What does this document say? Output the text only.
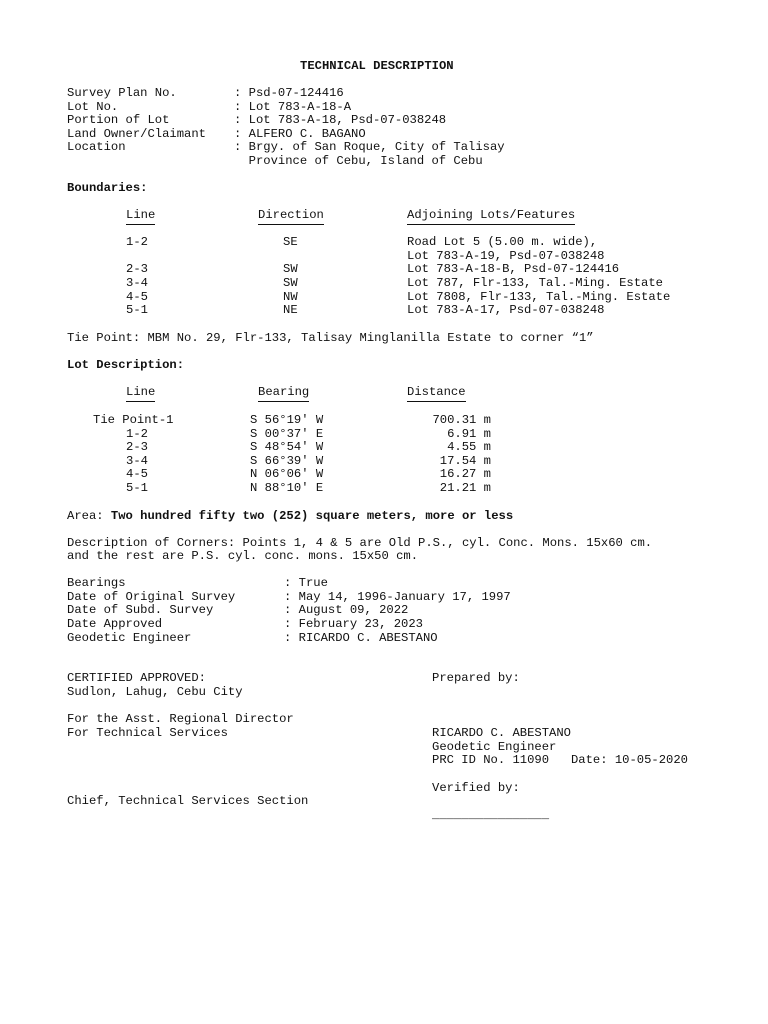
TECHNICAL DESCRIPTION
Survey Plan No.	: Psd-07-124416
Lot No.	: Lot 783-A-18-A
Portion of Lot	: Lot 783-A-18, Psd-07-038248
Land Owner/Claimant : ALFERO C. BAGANO
Location	: Brgy. of San Roque, City of Talisay
Province of Cebu, Island of Cebu
Boundaries:
Line	Direction	Adjoining Lots/Features
1-2	SE	Road Lot 5 (5.00 m. wide),
Lot 783-A-19, Psd-07-038248
2-3	SW	Lot 783-A-18-B, Psd-07-124416
3-4	SW	Lot 787, Flr-133, Tal.-Ming. Estate
4-5	NW	Lot 7808, Flr-133, Tal.-Ming. Estate
5-1	NE	Lot 783-A-17, Psd-07-038248
Tie Point: MBM No. 29, Flr-133, Talisay Minglanilla Estate to corner “1”
Lot Description:
Line	Bearing	Distance
Tie Point-1	S 56°19' W	700.31 m
1-2	S 00°37' E	6.91 m
2-3	S 48°54' W	4.55 m
3-4	S 66°39' W	17.54 m
4-5	N 06°06' W	16.27 m
5-1	N 88°10' E	21.21 m
Area: Two hundred fifty two (252) square meters, more or less
Description of Corners: Points 1, 4 & 5 are Old P.S., cyl. Conc. Mons. 15x60 cm.
and the rest are P.S. cyl. conc. mons. 15x50 cm.
Bearings	: True
Date of Original Survey	: May 14, 1996-January 17, 1997
Date of Subd. Survey	: August 09, 2022
Date Approved	: February 23, 2023
Geodetic Engineer	: RICARDO C. ABESTANO
CERTIFIED APPROVED:
Sudlon, Lahug, Cebu City
For the Asst. Regional Director
For Technical Services
Chief, Technical Services Section
Prepared by:
RICARDO C. ABESTANO
Geodetic Engineer
PRC ID No. 11090   Date: 10-05-2020
Verified by:
________________
